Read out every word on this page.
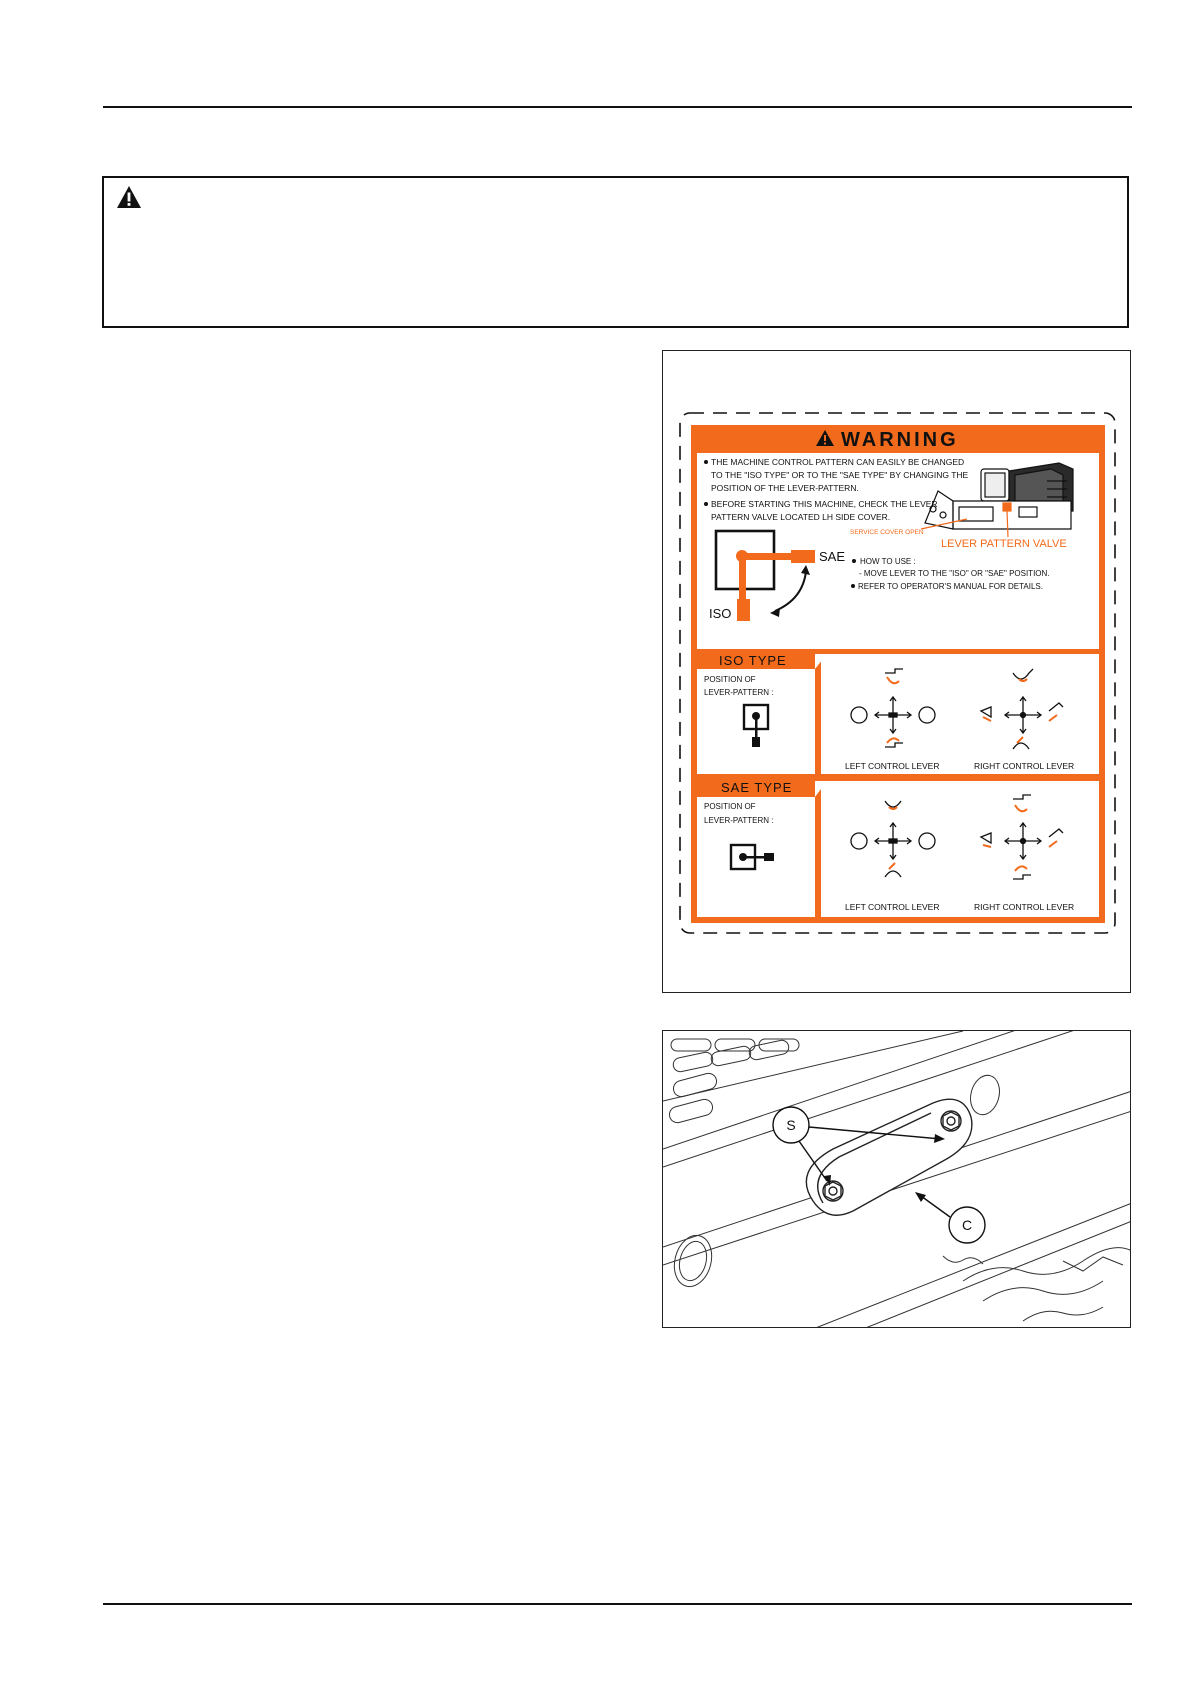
WARNING
THE MACHINE CONTROL PATTERN CAN EASILY BE CHANGED
TO THE "ISO TYPE" OR TO THE "SAE TYPE" BY CHANGING THE
POSITION OF THE LEVER-PATTERN.
BEFORE STARTING THIS MACHINE, CHECK THE LEVER
PATTERN VALVE LOCATED LH SIDE COVER.
SERVICE COVER OPEN
LEVER PATTERN VALVE
SAE
ISO
HOW TO USE :
- MOVE LEVER TO THE "ISO" OR "SAE" POSITION.
REFER TO OPERATOR'S MANUAL FOR DETAILS.
ISO TYPE
POSITION OF
LEVER-PATTERN :
LEFT CONTROL LEVER	RIGHT CONTROL LEVER
SAE TYPE
POSITION OF
LEVER-PATTERN :
LEFT CONTROL LEVER	RIGHT CONTROL LEVER
S
C
